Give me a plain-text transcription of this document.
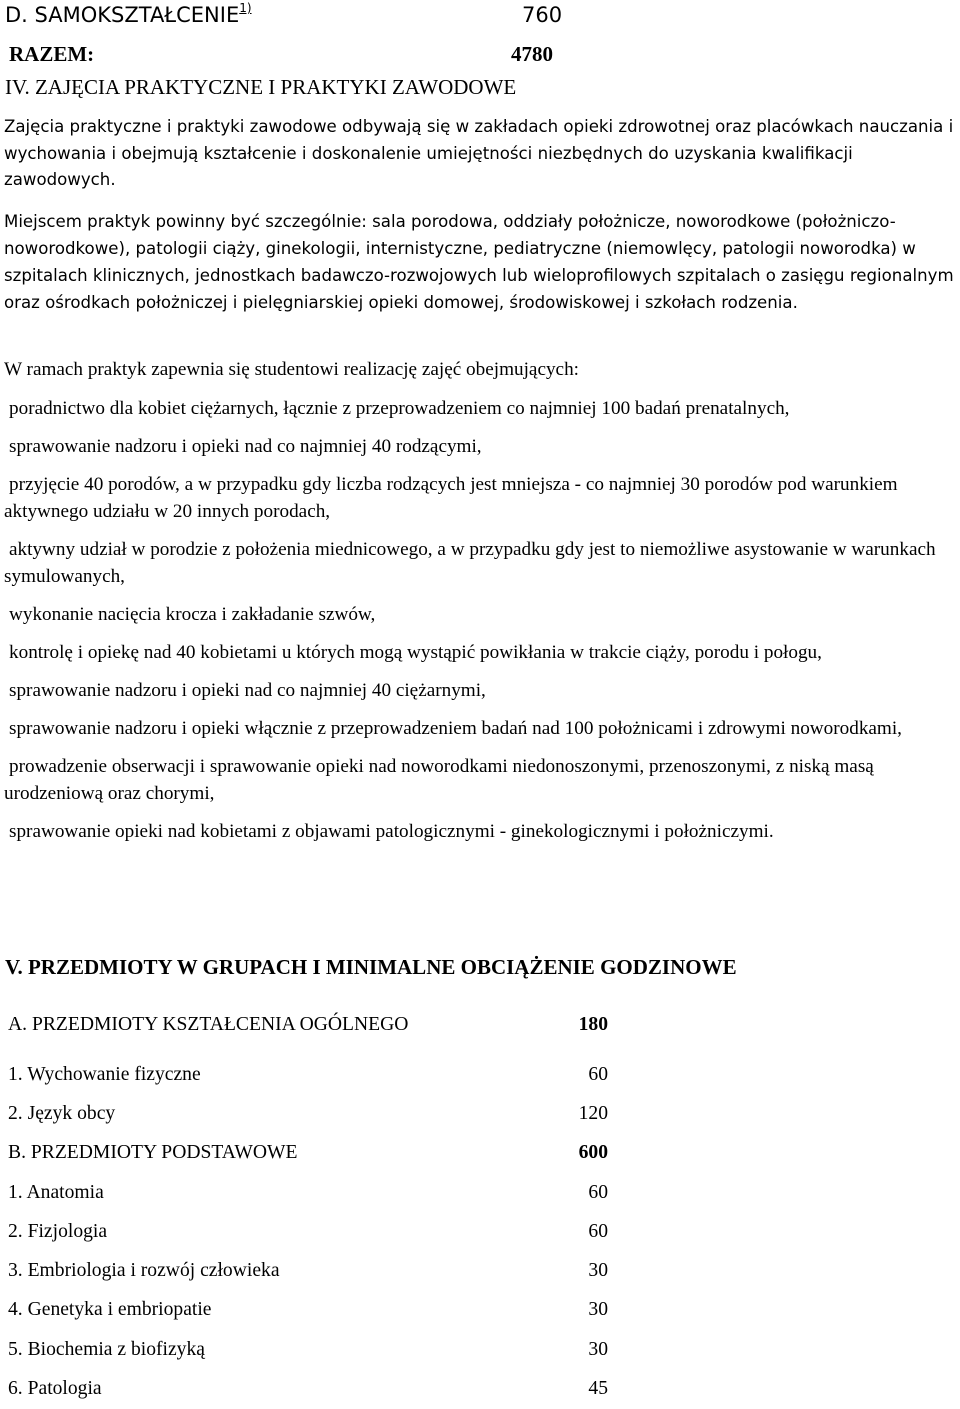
D. SAMOKSZTAŁCENIE$^{1)}$	760
RAZEM:	4780
IV. ZAJĘCIA PRAKTYCZNE I PRAKTYKI ZAWODOWE
Zajęcia praktyczne i praktyki zawodowe odbywają się w zakładach opieki zdrowotnej oraz placówkach nauczania i wychowania i obejmują kształcenie i doskonalenie umiejętności niezbędnych do uzyskania kwalifikacji zawodowych.
Miejscem praktyk powinny być szczególnie: sala porodowa, oddziały położnicze, noworodkowe (położniczo-noworodkowe), patologii ciąży, ginekologii, internistyczne, pediatryczne (niemowlęcy, patologii noworodka) w szpitalach klinicznych, jednostkach badawczo-rozwojowych lub wieloprofilowych szpitalach o zasięgu regionalnym oraz ośrodkach położniczej i pielęgniarskiej opieki domowej, środowiskowej i szkołach rodzenia.
W ramach praktyk zapewnia się studentowi realizację zajęć obejmujących:
poradnictwo dla kobiet ciężarnych, łącznie z przeprowadzeniem co najmniej 100 badań prenatalnych,
sprawowanie nadzoru i opieki nad co najmniej 40 rodzącymi,
przyjęcie 40 porodów, a w przypadku gdy liczba rodzących jest mniejsza - co najmniej 30 porodów pod warunkiem aktywnego udziału w 20 innych porodach,
aktywny udział w porodzie z położenia miednicowego, a w przypadku gdy jest to niemożliwe asystowanie w warunkach symulowanych,
wykonanie nacięcia krocza i zakładanie szwów,
kontrolę i opiekę nad 40 kobietami u których mogą wystąpić powikłania w trakcie ciąży, porodu i połogu,
sprawowanie nadzoru i opieki nad co najmniej 40 ciężarnymi,
sprawowanie nadzoru i opieki włącznie z przeprowadzeniem badań nad 100 położnicami i zdrowymi noworodkami,
prowadzenie obserwacji i sprawowanie opieki nad noworodkami niedonoszonymi, przenoszonymi, z niską masą urodzeniową oraz chorymi,
sprawowanie opieki nad kobietami z objawami patologicznymi - ginekologicznymi i położniczymi.
V. PRZEDMIOTY W GRUPACH I MINIMALNE OBCIĄŻENIE GODZINOWE
A. PRZEDMIOTY KSZTAŁCENIA OGÓLNEGO	180
1. Wychowanie fizyczne	60
2. Język obcy	120
B. PRZEDMIOTY PODSTAWOWE	600
1. Anatomia	60
2. Fizjologia	60
3. Embriologia i rozwój człowieka	30
4. Genetyka i embriopatie	30
5. Biochemia z biofizyką	30
6. Patologia	45
